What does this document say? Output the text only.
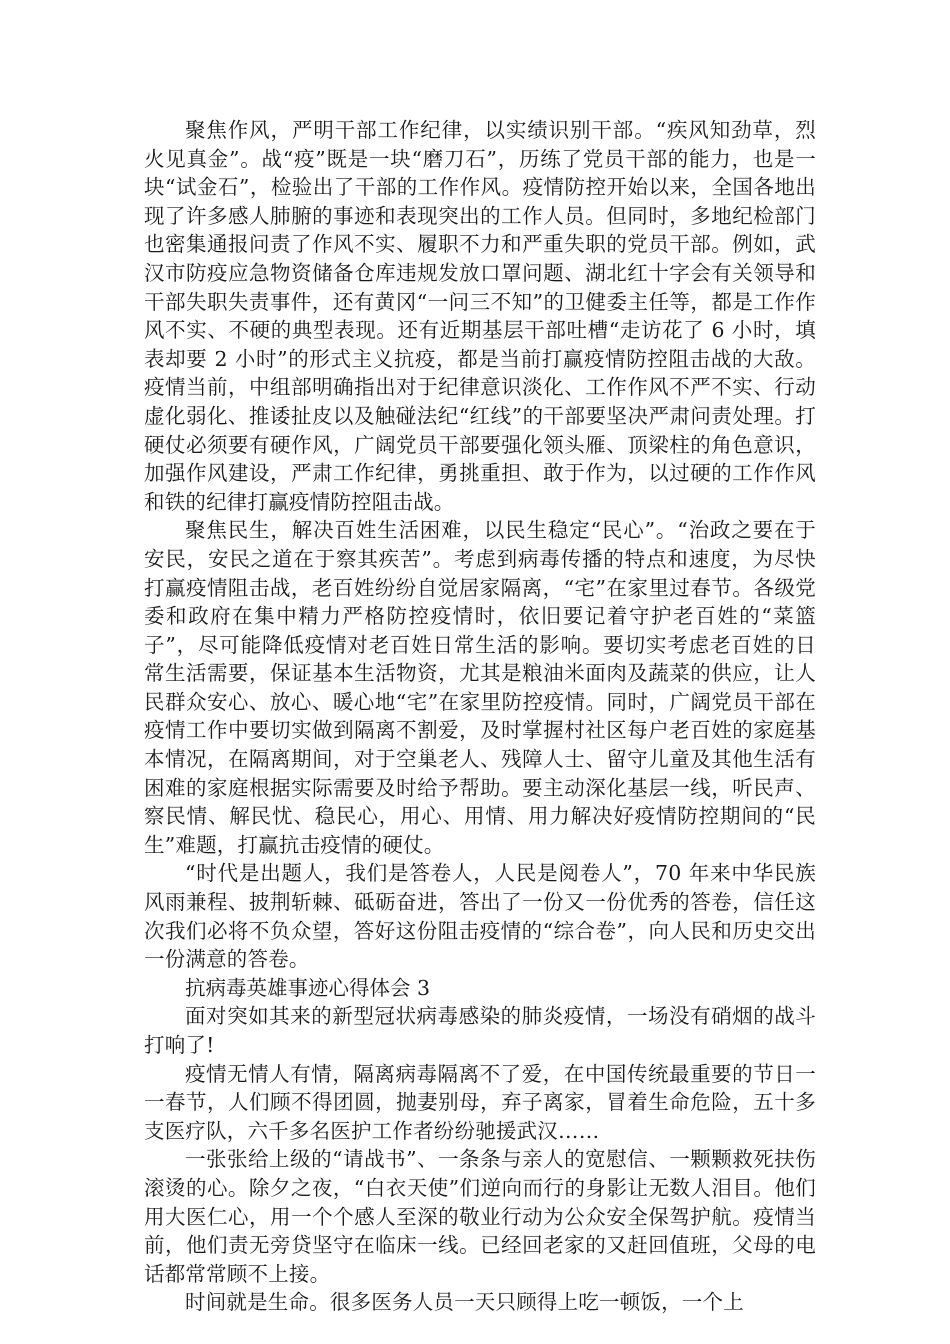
聚焦作风，严明干部工作纪律，以实绩识别干部。“疾风知劲草，烈火见真金”。战“疫”既是一块“磨刀石”，历练了党员干部的能力，也是一块“试金石”，检验出了干部的工作作风。疫情防控开始以来，全国各地出现了许多感人肺腑的事迹和表现突出的工作人员。但同时，多地纪检部门也密集通报问责了作风不实、履职不力和严重失职的党员干部。例如，武汉市防疫应急物资储备仓库违规发放口罩问题、湖北红十字会有关领导和干部失职失责事件，还有黄冈“一问三不知”的卫健委主任等，都是工作作风不实、不硬的典型表现。还有近期基层干部吐槽“走访花了 6 小时，填表却要 2 小时”的形式主义抗疫，都是当前打赢疫情防控阻击战的大敌。疫情当前，中组部明确指出对于纪律意识淡化、工作作风不严不实、行动虚化弱化、推诿扯皮以及触碰法纪“红线”的干部要坚决严肃问责处理。打硬仗必须要有硬作风，广阔党员干部要强化领头雁、顶梁柱的角色意识，加强作风建设，严肃工作纪律，勇挑重担、敢于作为，以过硬的工作作风和铁的纪律打赢疫情防控阻击战。

聚焦民生，解决百姓生活困难，以民生稳定“民心”。“治政之要在于安民，安民之道在于察其疾苦”。考虑到病毒传播的特点和速度，为尽快打赢疫情阻击战，老百姓纷纷自觉居家隔离，“宅”在家里过春节。各级党委和政府在集中精力严格防控疫情时，依旧要记着守护老百姓的“菜篮子”，尽可能降低疫情对老百姓日常生活的影响。要切实考虑老百姓的日常生活需要，保证基本生活物资，尤其是粮油米面肉及蔬菜的供应，让人民群众安心、放心、暖心地“宅”在家里防控疫情。同时，广阔党员干部在疫情工作中要切实做到隔离不割爱，及时掌握村社区每户老百姓的家庭基本情况，在隔离期间，对于空巢老人、残障人士、留守儿童及其他生活有困难的家庭根据实际需要及时给予帮助。要主动深化基层一线，听民声、察民情、解民忧、稳民心，用心、用情、用力解决好疫情防控期间的“民生”难题，打赢抗击疫情的硬仗。

“时代是出题人，我们是答卷人，人民是阅卷人”，70 年来中华民族风雨兼程、披荆斩棘、砥砺奋进，答出了一份又一份优秀的答卷，信任这次我们必将不负众望，答好这份阻击疫情的“综合卷”，向人民和历史交出一份满意的答卷。

抗病毒英雄事迹心得体会 3

面对突如其来的新型冠状病毒感染的肺炎疫情，一场没有硝烟的战斗打响了!

疫情无情人有情，隔离病毒隔离不了爱，在中国传统最重要的节日一一春节，人们顾不得团圆，抛妻别母，弃子离家，冒着生命危险，五十多支医疗队，六千多名医护工作者纷纷驰援武汉……

一张张给上级的“请战书”、一条条与亲人的宽慰信、一颗颗救死扶伤滚烫的心。除夕之夜，“白衣天使”们逆向而行的身影让无数人泪目。他们用大医仁心，用一个个感人至深的敬业行动为公众安全保驾护航。疫情当前，他们责无旁贷坚守在临床一线。已经回老家的又赶回值班，父母的电话都常常顾不上接。

时间就是生命。很多医务人员一天只顾得上吃一顿饭，一个上
